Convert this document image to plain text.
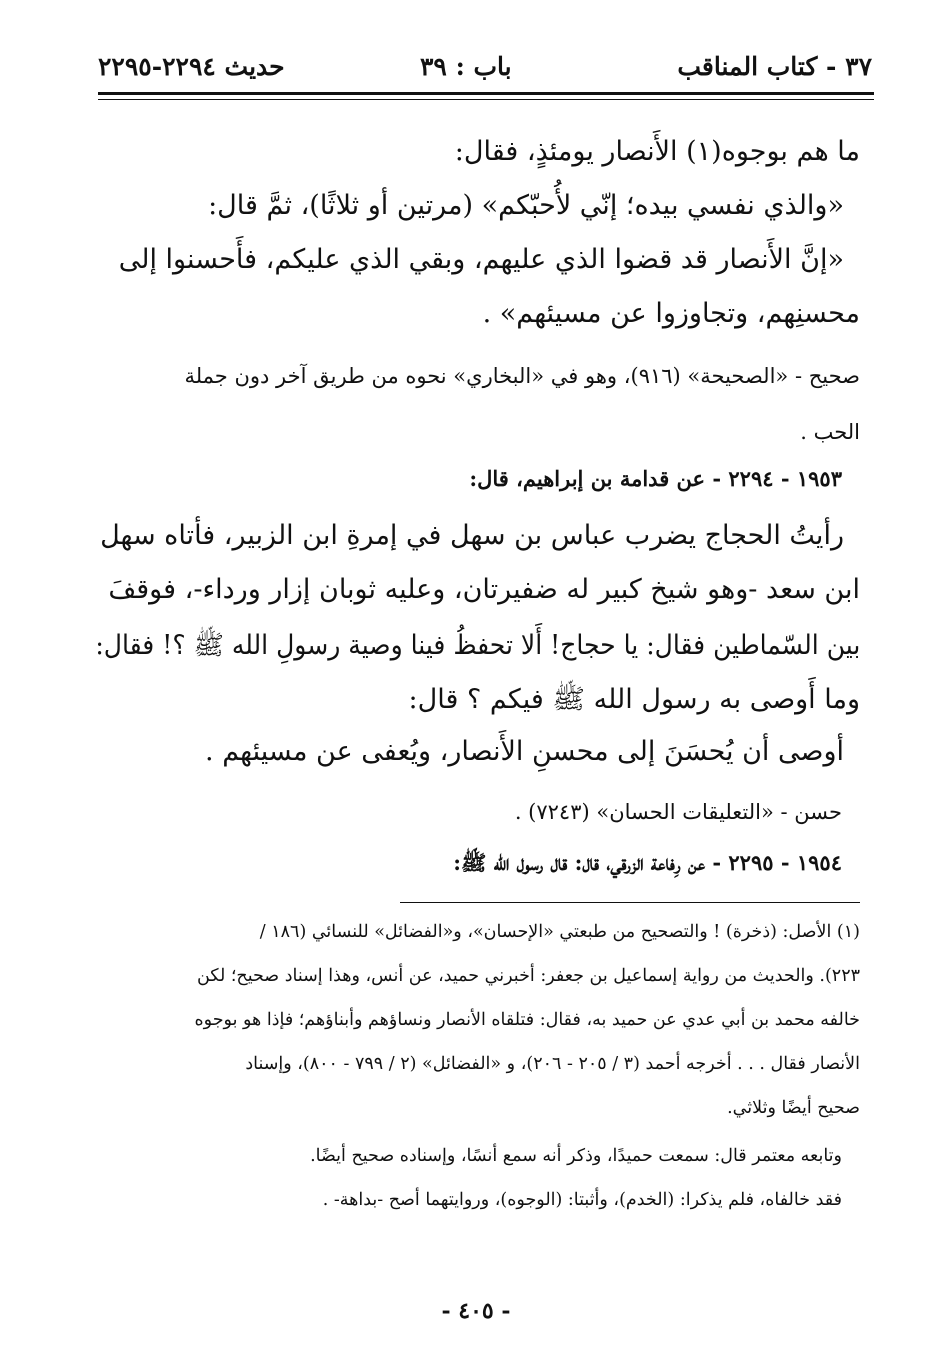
٣٧ - كتاب المناقب
باب : ٣٩
حديث ٢٢٩٤-٢٢٩٥
ما هم بوجوه(١) الأَنصار يومئذٍ، فقال:
«والذي نفسي بيده؛ إنّي لأُحبّكم» (مرتين أو ثلاثًا)، ثمَّ قال:
«إنَّ الأَنصار قد قضوا الذي عليهم، وبقي الذي عليكم، فأَحسنوا إلى
محسنِهم، وتجاوزوا عن مسيئهم» .
صحيح - «الصحيحة» (٩١٦)، وهو في «البخاري» نحوه من طريق آخر دون جملة
الحب .
١٩٥٣ - ٢٢٩٤ - عن قدامة بن إبراهيم، قال:
رأيتُ الحجاج يضرب عباس بن سهل في إمرةِ ابن الزبير، فأتاه سهل
ابن سعد -وهو شيخ كبير له ضفيرتان، وعليه ثوبان إزار ورداء-، فوقفَ
بين السّماطين فقال: يا حجاج! أَلا تحفظُ فينا وصية رسولِ الله ﷺ ؟! فقال:
وما أَوصى به رسول الله ﷺ فيكم ؟ قال:
أوصى أن يُحسَنَ إلى محسنِ الأَنصار، ويُعفى عن مسيئهم .
حسن - «التعليقات الحسان» (٧٢٤٣) .
١٩٥٤ - ٢٢٩٥ - عن رِفاعة الزرقي، قال: قال رسول الله ﷺ:
(١) الأصل: (ذخرة) ! والتصحيح من طبعتي «الإحسان»، و«الفضائل» للنسائي (١٨٦ /
٢٢٣). والحديث من رواية إسماعيل بن جعفر: أخبرني حميد، عن أنس، وهذا إسناد صحيح؛ لكن
خالفه محمد بن أبي عدي عن حميد به، فقال: فتلقاه الأنصار ونساؤهم وأبناؤهم؛ فإذا هو بوجوه
الأنصار فقال . . . أخرجه أحمد (٣ / ٢٠٥ - ٢٠٦)، و «الفضائل» (٢ / ٧٩٩ - ٨٠٠)، وإسناد
صحيح أيضًا وثلاثي.
وتابعه معتمر قال: سمعت حميدًا، وذكر أنه سمع أنسًا، وإسناده صحيح أيضًا.
فقد خالفاه، فلم يذكرا: (الخدم)، وأثبتا: (الوجوه)، وروايتهما أصح -بداهة- .
- ٤٠٥ -
